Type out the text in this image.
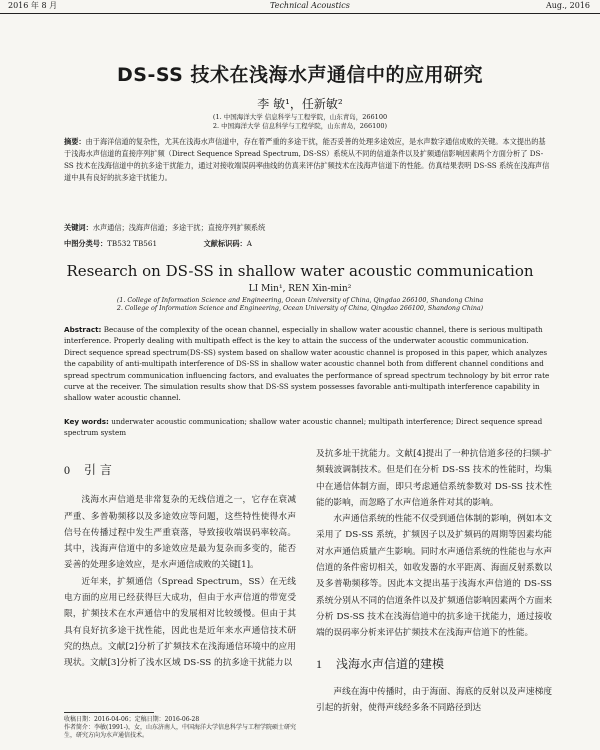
2016 年 8 月	Technical Acoustics	Aug., 2016
DS-SS 技术在浅海水声通信中的应用研究
李 敏¹，任新敏²
(1. 中国海洋大学 信息科学与工程学院，山东青岛，266100
2. 中国海洋大学 信息科学与工程学院，山东青岛，266100)
摘要：由于海洋信道的复杂性，尤其在浅海水声信道中，存在着严重的多途干扰，能否妥善的处理多途效应，是水声数字通信成败的关键。本文提出的基于浅海水声信道的直接序列扩频（Direct Sequence Spread Spectrum, DS-SS）系统从不同的信道条件以及扩频通信影响因素两个方面分析了 DS-SS 技术在浅海信道中的抗多途干扰能力，通过对接收端误码率曲线的仿真来评估扩频技术在浅海声信道下的性能。仿真结果表明 DS-SS 系统在浅海声信道中具有良好的抗多途干扰能力。
关键词：水声通信；浅海声信道；多途干扰；直接序列扩频系统
中图分类号：TB532 TB561	文献标识码：A
Research on DS-SS in shallow water acoustic communication
LI Min¹, REN Xin-min²
(1. College of Information Science and Engineering, Ocean University of China, Qingdao 266100, Shandong China
2. College of Information Science and Engineering, Ocean University of China, Qingdao 266100, Shandong China)
Abstract: Because of the complexity of the ocean channel, especially in shallow water acoustic channel, there is serious multipath interference. Properly dealing with multipath effect is the key to attain the success of the underwater acoustic communication. Direct sequence spread spectrum(DS-SS) system based on shallow water acoustic channel is proposed in this paper, which analyzes the capability of anti-multipath interference of DS-SS in shallow water acoustic channel both from different channel conditions and spread spectrum communication influencing factors, and evaluates the performance of spread spectrum technology by bit error rate curve at the receiver. The simulation results show that DS-SS system possesses favorable anti-multipath interference capability in shallow water acoustic channel.
Key words: underwater acoustic communication; shallow water acoustic channel; multipath interference; Direct sequence spread spectrum system
0 引 言

浅海水声信道是非常复杂的无线信道之一，它存在衰减严重、多普勒频移以及多途效应等问题，这些特性使得水声信号在传播过程中发生严重衰落，导致接收端误码率较高。其中，浅海声信道中的多途效应是最为复杂而多变的，能否妥善的处理多途效应，是水声通信成败的关键[1]。

近年来，扩频通信（Spread Spectrum，SS）在无线电方面的应用已经获得巨大成功，但由于水声信道的带宽受限，扩频技术在水声通信中的发展相对比较缓慢。但由于其具有良好抗多途干扰性能，因此也是近年来水声通信技术研究的热点。文献[2]分析了扩频技术在浅海通信环境中的应用现状。文献[3]分析了浅水区域 DS-SS 的抗多途干扰能力以

及抗多址干扰能力。文献[4]提出了一种抗信道多径的扫频-扩频载波调制技术。但是们在分析 DS-SS 技术的性能时，均集中在通信体制方面，即只考虑通信系统参数对 DS-SS 技术性能的影响，而忽略了水声信道条件对其的影响。

水声通信系统的性能不仅受到通信体制的影响，例如本文采用了 DS-SS 系统，扩频因子以及扩频码的周期等因素均能对水声通信质量产生影响。同时水声通信系统的性能也与水声信道的条件密切相关，如收发器的水平距离、海面反射系数以及多普勒频移等。因此本文提出基于浅海水声信道的 DS-SS 系统分别从不同的信道条件以及扩频通信影响因素两个方面来分析 DS-SS 技术在浅海信道中的抗多途干扰能力，通过接收端的误码率分析来评估扩频技术在浅海声信道下的性能。

1 浅海水声信道的建模

声线在海中传播时，由于海面、海底的反射以及声速梯度引起的折射，使得声线经多条不同路径到达

收稿日期：2016-04-06；定稿日期：2016-06-28
作者简介：李敏(1991-)，女，山东济南人，中国海洋大学信息科学与工程学院硕士研究生，研究方向为水声通信技术。
